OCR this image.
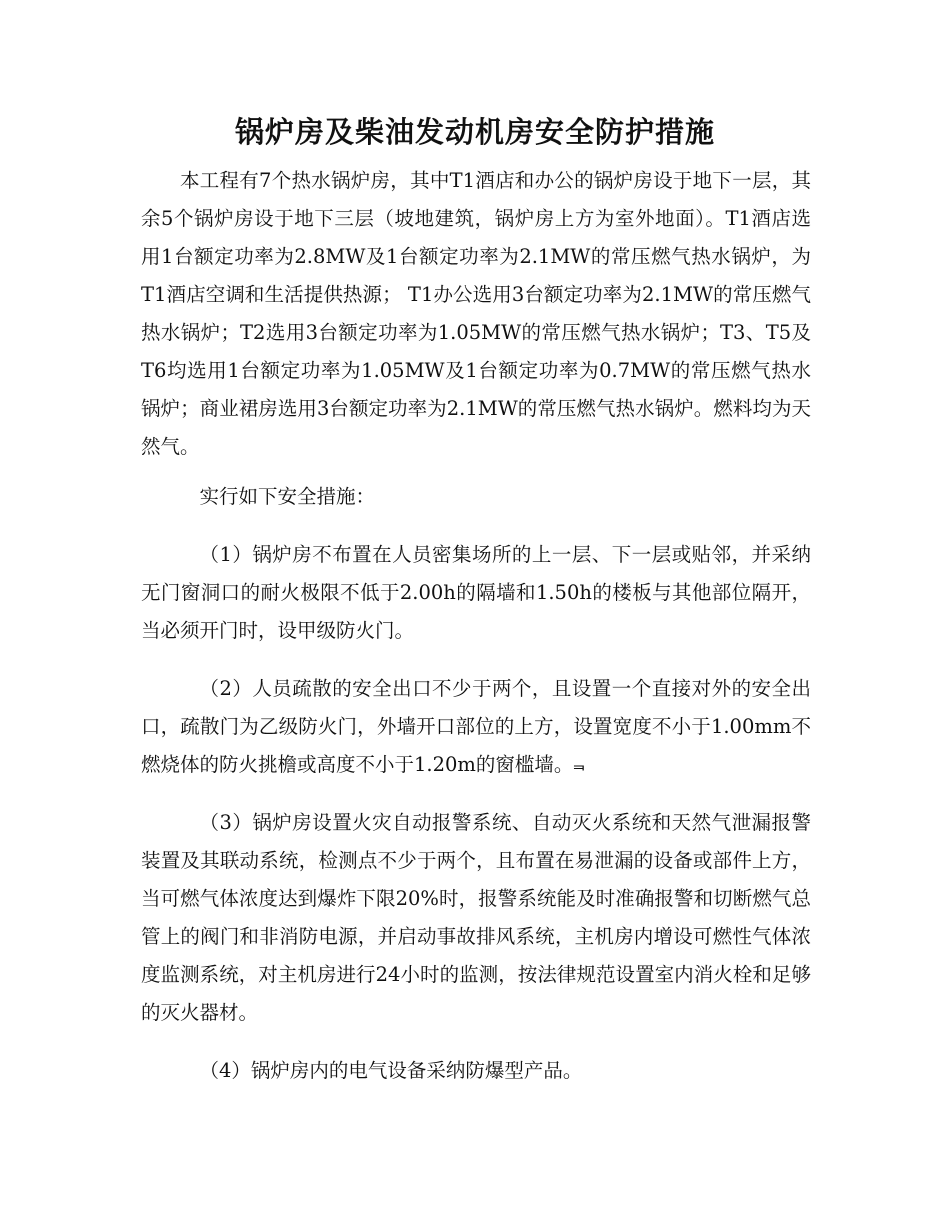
锅炉房及柴油发动机房安全防护措施

本工程有7个热水锅炉房，其中T1酒店和办公的锅炉房设于地下一层，其余5个锅炉房设于地下三层（坡地建筑，锅炉房上方为室外地面）。T1酒店选用1台额定功率为2.8MW及1台额定功率为2.1MW的常压燃气热水锅炉，为T1酒店空调和生活提供热源； T1办公选用3台额定功率为2.1MW的常压燃气热水锅炉；T2选用3台额定功率为1.05MW的常压燃气热水锅炉；T3、T5及T6均选用1台额定功率为1.05MW及1台额定功率为0.7MW的常压燃气热水锅炉；商业裙房选用3台额定功率为2.1MW的常压燃气热水锅炉。燃料均为天然气。

实行如下安全措施：

（1）锅炉房不布置在人员密集场所的上一层、下一层或贴邻，并采纳无门窗洞口的耐火极限不低于2.00h的隔墙和1.50h的楼板与其他部位隔开，当必须开门时，设甲级防火门。

（2）人员疏散的安全出口不少于两个，且设置一个直接对外的安全出口，疏散门为乙级防火门，外墙开口部位的上方，设置宽度不小于1.00mm不燃烧体的防火挑檐或高度不小于1.20m的窗槛墙。⫬

（3）锅炉房设置火灾自动报警系统、自动灭火系统和天然气泄漏报警装置及其联动系统，检测点不少于两个，且布置在易泄漏的设备或部件上方，当可燃气体浓度达到爆炸下限20%时，报警系统能及时准确报警和切断燃气总管上的阀门和非消防电源，并启动事故排风系统，主机房内增设可燃性气体浓度监测系统，对主机房进行24小时的监测，按法律规范设置室内消火栓和足够的灭火器材。

（4）锅炉房内的电气设备采纳防爆型产品。
